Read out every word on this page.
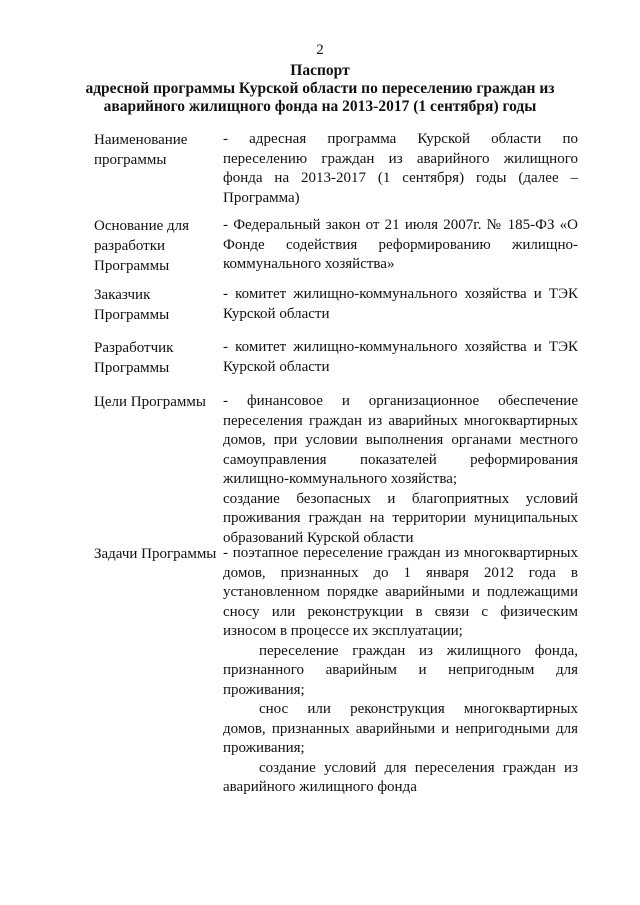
2
Паспорт
адресной программы Курской области по переселению граждан из
аварийного жилищного фонда на 2013-2017 (1 сентября) годы
Наименование программы

- адресная программа Курской области по переселению граждан из аварийного жилищного фонда на 2013-2017 (1 сентября) годы (далее – Программа)

Основание для разработки Программы

- Федеральный закон от 21 июля 2007г. № 185-ФЗ «О Фонде содействия реформированию жилищно-коммунального хозяйства»

Заказчик Программы

- комитет жилищно-коммунального хозяйства и ТЭК Курской области

Разработчик Программы

- комитет жилищно-коммунального хозяйства и ТЭК Курской области

Цели Программы	- финансовое и организационное обеспечение переселения граждан из аварийных многоквартирных домов, при условии выполнения органами местного самоуправления показателей реформирования жилищно-коммунального хозяйства;

создание безопасных и благоприятных условий проживания граждан на территории муниципальных образований Курской области

Задачи Программы - поэтапное переселение граждан из многоквартирных домов, признанных до 1 января 2012 года в установленном порядке аварийными и подлежащими сносу или реконструкции в связи с физическим износом в процессе их эксплуатации;

переселение граждан из жилищного фонда, признанного аварийным и непригодным для проживания;

снос или реконструкция многоквартирных домов, признанных аварийными и непригодными для проживания;

создание условий для переселения граждан из аварийного жилищного фонда
